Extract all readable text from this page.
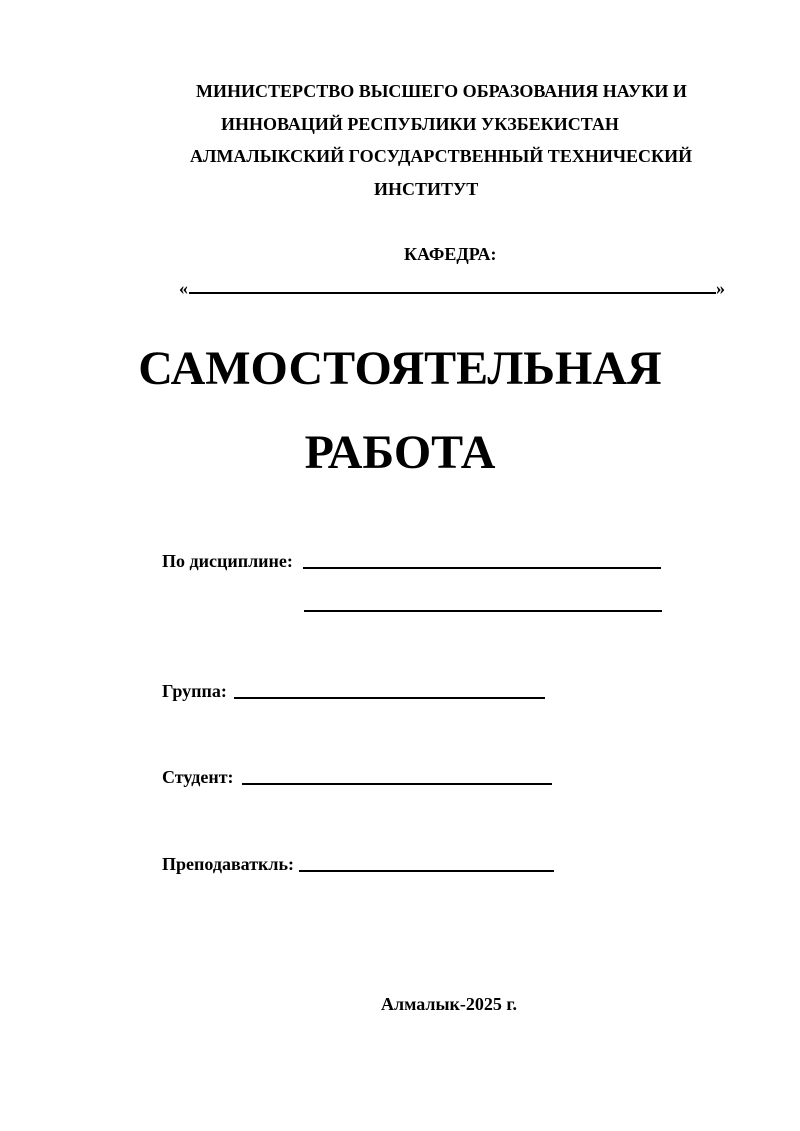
МИНИСТЕРСТВО ВЫСШЕГО ОБРАЗОВАНИЯ НАУКИ И
ИННОВАЦИЙ РЕСПУБЛИКИ УКЗБЕКИСТАН
АЛМАЛЫКСКИЙ ГОСУДАРСТВЕННЫЙ ТЕХНИЧЕСКИЙ
ИНСТИТУТ
КАФЕДРА:
«	»
САМОСТОЯТЕЛЬНАЯ
РАБОТА
По дисциплине:
Группа:
Студент:
Преподаваткль:
Алмалык-2025 г.
